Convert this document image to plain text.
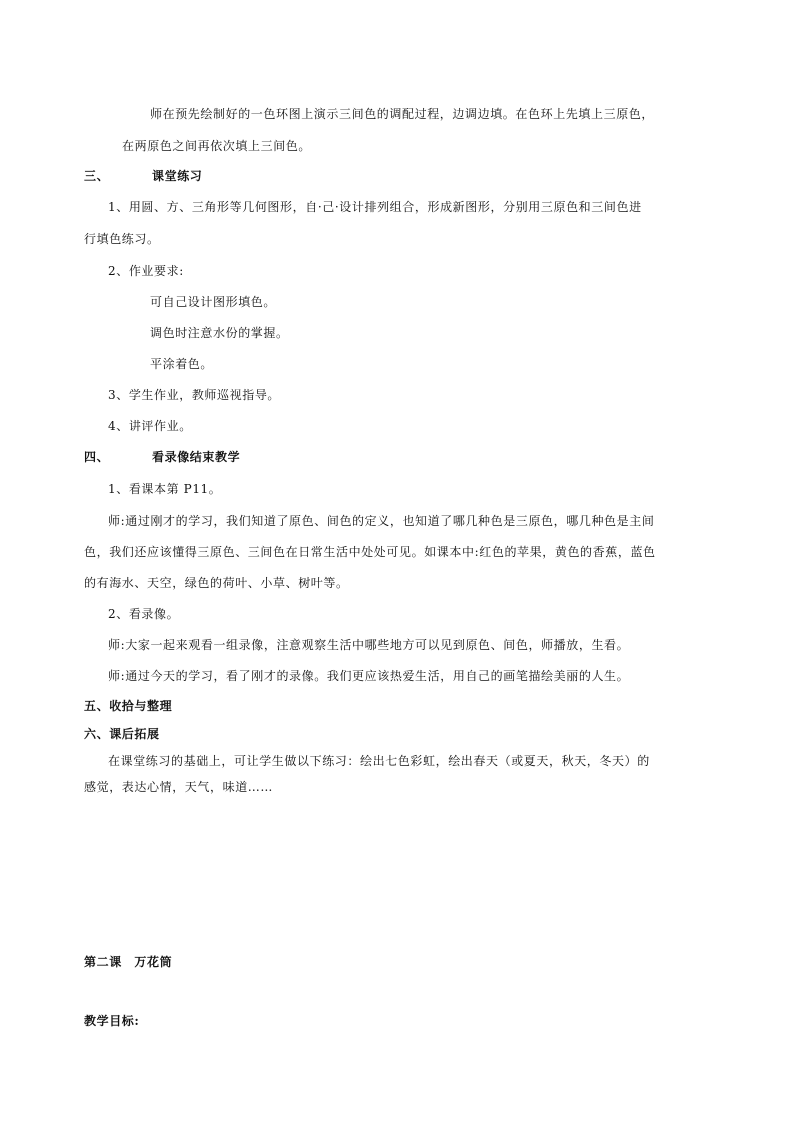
师在预先绘制好的一色环图上演示三间色的调配过程，边调边填。在色环上先填上三原色，
在两原色之间再依次填上三间色。
三、	课堂练习
1、用圆、方、三角形等几何图形，自·己·设计排列组合，形成新图形，分别用三原色和三间色进
行填色练习。
2、作业要求:
可自己设计图形填色。
调色时注意水份的掌握。
平涂着色。
3、学生作业，教师巡视指导。
4、讲评作业。
四、	看录像结束教学
1、看课本第 P11。
师:通过刚才的学习，我们知道了原色、间色的定义，也知道了哪几种色是三原色，哪几种色是主间
色，我们还应该懂得三原色、三间色在日常生活中处处可见。如课本中:红色的苹果，黄色的香蕉，蓝色
的有海水、天空，绿色的荷叶、小草、树叶等。
2、看录像。
师:大家一起来观看一组录像，注意观察生活中哪些地方可以见到原色、间色，师播放，生看。
师:通过今天的学习，看了刚才的录像。我们更应该热爱生活，用自己的画笔描绘美丽的人生。
五、收拾与整理
六、课后拓展
在课堂练习的基础上，可让学生做以下练习：绘出七色彩虹，绘出春天（或夏天，秋天，冬天）的
感觉，表达心情，天气，味道……
第二课　万花筒
教学目标:
